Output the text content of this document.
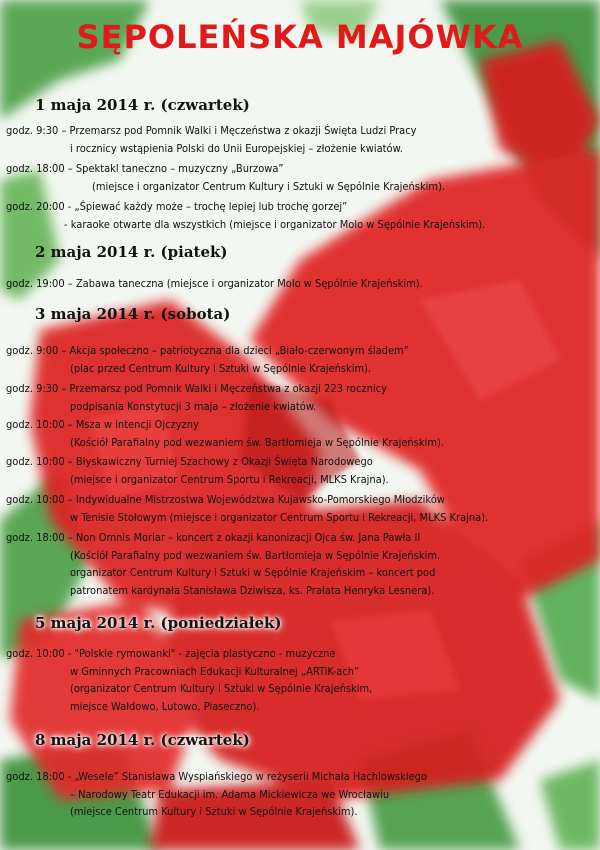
SĘPOLEŃSKA MAJÓWKA
1 maja 2014 r. (czwartek)
godz. 9:30 – Przemarsz pod Pomnik Walki i Męczeństwa z okazji Święta Ludzi Pracy
i rocznicy wstąpienia Polski do Unii Europejskiej – złożenie kwiatów.
godz. 18:00 – Spektakl taneczno – muzyczny „Burzowa”
(miejsce i organizator Centrum Kultury i Sztuki w Sępólnie Krajeńskim).
godz. 20:00 - „Śpiewać każdy może – trochę lepiej lub trochę gorzej”
- karaoke otwarte dla wszystkich (miejsce i organizator Molo w Sępólnie Krajeńskim).
2 maja 2014 r. (piatek)
godz. 19:00 – Zabawa taneczna (miejsce i organizator Molo w Sępólnie Krajeńskim).
3 maja 2014 r. (sobota)
godz. 9:00 – Akcja społeczno – patriotyczna dla dzieci „Biało-czerwonym śladem”
(plac przed Centrum Kultury i Sztuki w Sępólnie Krajeńskim).
godz. 9:30 – Przemarsz pod Pomnik Walki i Męczeństwa z okazji 223 rocznicy
podpisania Konstytucji 3 maja – złożenie kwiatów.
godz. 10:00 – Msza w intencji Ojczyzny
(Kościół Parafialny pod wezwaniem św. Bartłomieja w Sępólnie Krajeńskim).
godz. 10:00 – Błyskawiczny Turniej Szachowy z Okazji Święta Narodowego
(miejsce i organizator Centrum Sportu i Rekreacji, MLKS Krajna).
godz. 10:00 – Indywidualne Mistrzostwa Województwa Kujawsko-Pomorskiego Młodzików
w Tenisie Stołowym (miejsce i organizator Centrum Sportu i Rekreacji, MLKS Krajna).
godz. 18:00 – Non Omnis Moriar – koncert z okazji kanonizacji Ojca św. Jana Pawła II
(Kościół Parafialny pod wezwaniem św. Bartłomieja w Sępólnie Krajeńskim,
organizator Centrum Kultury i Sztuki w Sępólnie Krajeńskim – koncert pod
patronatem kardynała Stanisława Dziwisza, ks. Prałata Henryka Lesnera).
5 maja 2014 r. (poniedziałek)
godz. 10:00 - "Polskie rymowanki" - zajęcia plastyczno - muzyczne
w Gminnych Pracowniach Edukacji Kulturalnej „ARTiK-ach”
(organizator Centrum Kultury i Sztuki w Sępólnie Krajeńskim,
miejsce Wałdowo, Lutowo, Piaseczno).
8 maja 2014 r. (czwartek)
godz. 18:00 - „Wesele” Stanisława Wyspiańskiego w reżyserii Michała Hachlowskiego
– Narodowy Teatr Edukacji im. Adama Mickiewicza we Wrocławiu
(miejsce Centrum Kultury i Sztuki w Sępólnie Krajeńskim).
